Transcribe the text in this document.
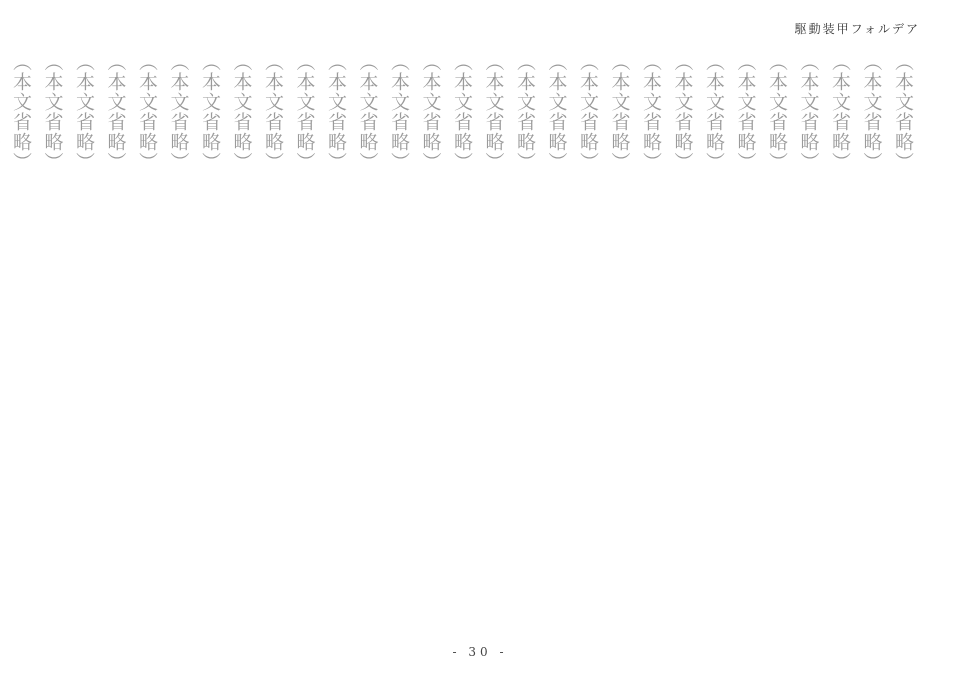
駆動装甲フォルデア

（本文省略）　　　　　　　　　　　　　　　　　　　

（本文省略）

（本文省略）　　　　　　　　　　　　　　　　　　　　

（本文省略）　　　　　　　　　　　　　　　　　　　　

（本文省略）　　　　　　　　　　　　　　　　　　　　

（本文省略）　　　　　　　　　　　　　　　　　　　　

（本文省略）　　　　　　　

（本文省略）

（本文省略）　　　　　　　　　　　　　　　　　　　　

（本文省略）　　　　　　　　　　　　　　　　　　　　

（本文省略）　　　　　　　　　　　　　　　　　　　　

（本文省略）　　　　　　　　　　　　　　　　　　　　

（本文省略）　　　　　　　　　　　　　　　　　　　　

（本文省略）　　　　　　　　　　　

（本文省略）

（本文省略）　　　　　　　　　　　　　　　　

（本文省略）　　　　　　　　　　　　　　　　　　　

（本文省略）　　　　　　　　　

（本文省略）　　　　　　　　　　　　　　

（本文省略）　　　　　　　　　　　　　　　　　　　　

（本文省略）　　　　　　　　　　　　　　　　　　　　

（本文省略）　　　　　　　　　　　　　　　　　　　　

（本文省略）

（本文省略）　　　　　　　　　　　　　　　　　　　　

（本文省略）　　　　　　　　　　　　　　　　　　　　

（本文省略）　　　　　　　　　　　　　　　　　　　　

（本文省略）　　　　　　　　　　　　　　　　　　　　

（本文省略）　　　　　　　　　　　　　　　　　　　　

（本文省略）　　　　　　　　　　　　　　　　　　　　

- 30 -
